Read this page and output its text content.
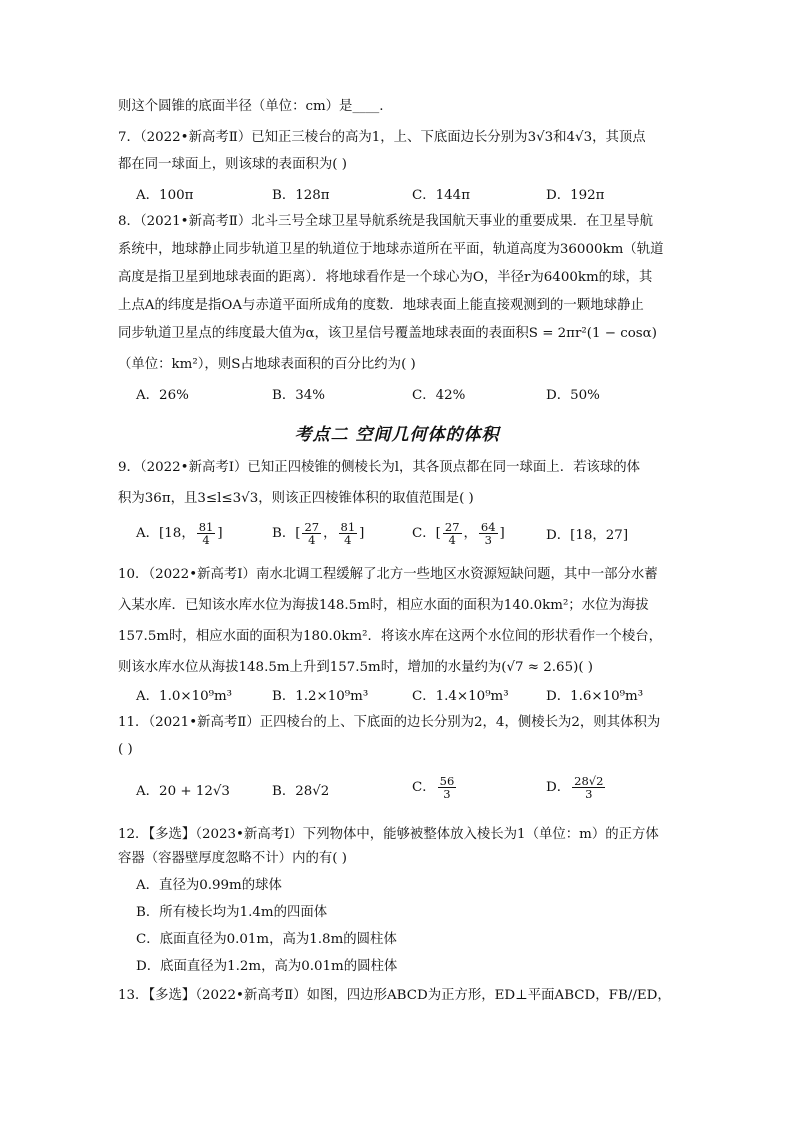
则这个圆锥的底面半径（单位：cm）是____.
7．（2022•新高考Ⅱ）已知正三棱台的高为1，上、下底面边长分别为3√3和4√3，其顶点
都在同一球面上，则该球的表面积为( )
A．100π	B．128π	C．144π	D．192π
8．（2021•新高考Ⅱ）北斗三号全球卫星导航系统是我国航天事业的重要成果．在卫星导航
系统中，地球静止同步轨道卫星的轨道位于地球赤道所在平面，轨道高度为36000km（轨道
高度是指卫星到地球表面的距离）．将地球看作是一个球心为O，半径r为6400km的球，其
上点A的纬度是指OA与赤道平面所成角的度数．地球表面上能直接观测到的一颗地球静止
同步轨道卫星点的纬度最大值为α，该卫星信号覆盖地球表面的表面积S = 2πr²(1 − cosα)
（单位：km²），则S占地球表面积的百分比约为( )
A．26%	B．34%	C．42%	D．50%
考点二 空间几何体的体积
9．（2022•新高考Ⅰ）已知正四棱锥的侧棱长为l，其各顶点都在同一球面上．若该球的体
积为36π，且3≤l≤3√3，则该正四棱锥体积的取值范围是( )
A．[18， $\frac{81}{4}$ ]	B．[ $\frac{27}{4}$ ， $\frac{81}{4}$ ]	C．[ $\frac{27}{4}$ ， $\frac{64}{3}$ ]	D．[18，27]
10．（2022•新高考Ⅰ）南水北调工程缓解了北方一些地区水资源短缺问题，其中一部分水蓄
入某水库．已知该水库水位为海拔148.5m时，相应水面的面积为140.0km²；水位为海拔
157.5m时，相应水面的面积为180.0km²．将该水库在这两个水位间的形状看作一个棱台，
则该水库水位从海拔148.5m上升到157.5m时，增加的水量约为(√7 ≈ 2.65)( )
A．1.0×10⁹m³	B．1.2×10⁹m³	C．1.4×10⁹m³	D．1.6×10⁹m³
11．（2021•新高考Ⅱ）正四棱台的上、下底面的边长分别为2，4，侧棱长为2，则其体积为
( )
A．20 + 12√3	B．28√2	C． $\frac{56}{3}$	D． $\frac{28√2}{3}$
12．【多选】（2023•新高考Ⅰ）下列物体中，能够被整体放入棱长为1（单位：m）的正方体
容器（容器壁厚度忽略不计）内的有( )
A．直径为0.99m的球体
B．所有棱长均为1.4m的四面体
C．底面直径为0.01m，高为1.8m的圆柱体
D．底面直径为1.2m，高为0.01m的圆柱体
13．【多选】（2022•新高考Ⅱ）如图，四边形ABCD为正方形，ED⊥平面ABCD，FB//ED，
